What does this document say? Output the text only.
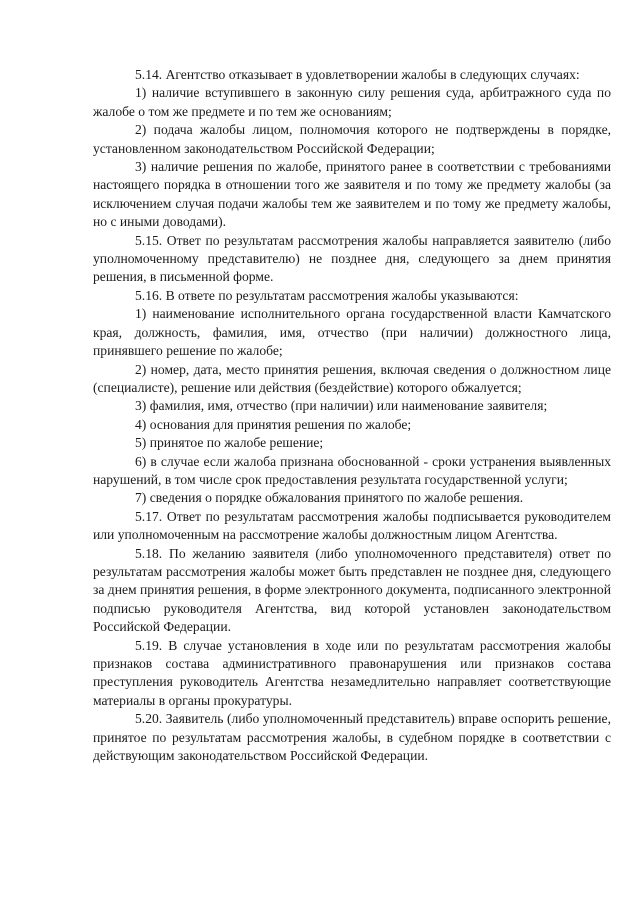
5.14. Агентство отказывает в удовлетворении жалобы в следующих случаях:

1) наличие вступившего в законную силу решения суда, арбитражного суда по жалобе о том же предмете и по тем же основаниям;

2) подача жалобы лицом, полномочия которого не подтверждены в порядке, установленном законодательством Российской Федерации;

3) наличие решения по жалобе, принятого ранее в соответствии с требованиями настоящего порядка в отношении того же заявителя и по тому же предмету жалобы (за исключением случая подачи жалобы тем же заявителем и по тому же предмету жалобы, но с иными доводами).

5.15. Ответ по результатам рассмотрения жалобы направляется заявителю (либо уполномоченному представителю) не позднее дня, следующего за днем принятия решения, в письменной форме.

5.16. В ответе по результатам рассмотрения жалобы указываются:

1) наименование исполнительного органа государственной власти Камчатского края, должность, фамилия, имя, отчество (при наличии) должностного лица, принявшего решение по жалобе;

2) номер, дата, место принятия решения, включая сведения о должностном лице (специалисте), решение или действия (бездействие) которого обжалуется;

3) фамилия, имя, отчество (при наличии) или наименование заявителя;

4) основания для принятия решения по жалобе;

5) принятое по жалобе решение;

6) в случае если жалоба признана обоснованной - сроки устранения выявленных нарушений, в том числе срок предоставления результата государственной услуги;

7) сведения о порядке обжалования принятого по жалобе решения.

5.17. Ответ по результатам рассмотрения жалобы подписывается руководителем или уполномоченным на рассмотрение жалобы должностным лицом Агентства.

5.18. По желанию заявителя (либо уполномоченного представителя) ответ по результатам рассмотрения жалобы может быть представлен не позднее дня, следующего за днем принятия решения, в форме электронного документа, подписанного электронной подписью руководителя Агентства, вид которой установлен законодательством Российской Федерации.

5.19. В случае установления в ходе или по результатам рассмотрения жалобы признаков состава административного правонарушения или признаков состава преступления руководитель Агентства незамедлительно направляет соответствующие материалы в органы прокуратуры.

5.20. Заявитель (либо уполномоченный представитель) вправе оспорить решение, принятое по результатам рассмотрения жалобы, в судебном порядке в соответствии с действующим законодательством Российской Федерации.
